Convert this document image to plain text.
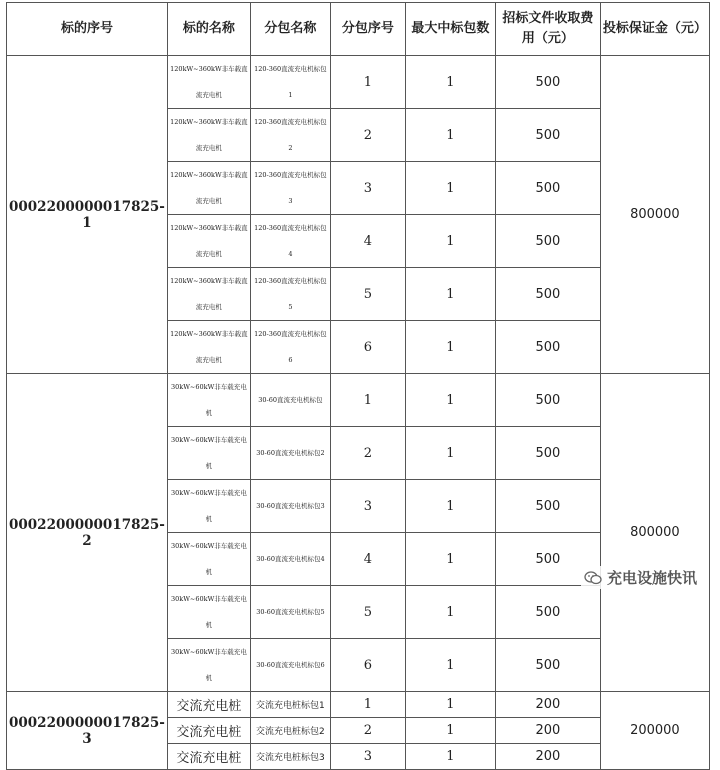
标的序号	标的名称	分包名称	分包序号	最大中标包数	招标文件收取费用（元）	投标保证金（元）
0002200000017825-1	120kW~360kW非车载直流充电机	120-360直流充电机标包1	1	1	500	800000
	120kW~360kW非车载直流充电机	120-360直流充电机标包2	2	1	500	
	120kW~360kW非车载直流充电机	120-360直流充电机标包3	3	1	500	
	120kW~360kW非车载直流充电机	120-360直流充电机标包4	4	1	500	
	120kW~360kW非车载直流充电机	120-360直流充电机标包5	5	1	500	
	120kW~360kW非车载直流充电机	120-360直流充电机标包6	6	1	500	
0002200000017825-2	30kW~60kW非车载充电机	30-60直流充电机标包	1	1	500	800000
	30kW~60kW非车载充电机	30-60直流充电机标包2	2	1	500	
	30kW~60kW非车载充电机	30-60直流充电机标包3	3	1	500	
	30kW~60kW非车载充电机	30-60直流充电机标包4	4	1	500	
	30kW~60kW非车载充电机	30-60直流充电机标包5	5	1	500	
	30kW~60kW非车载充电机	30-60直流充电机标包6	6	1	500	
0002200000017825-3	交流充电桩	交流充电桩标包1	1	1	200	200000
	交流充电桩	交流充电桩标包2	2	1	200	
	交流充电桩	交流充电桩标包3	3	1	200	
充电设施快讯
